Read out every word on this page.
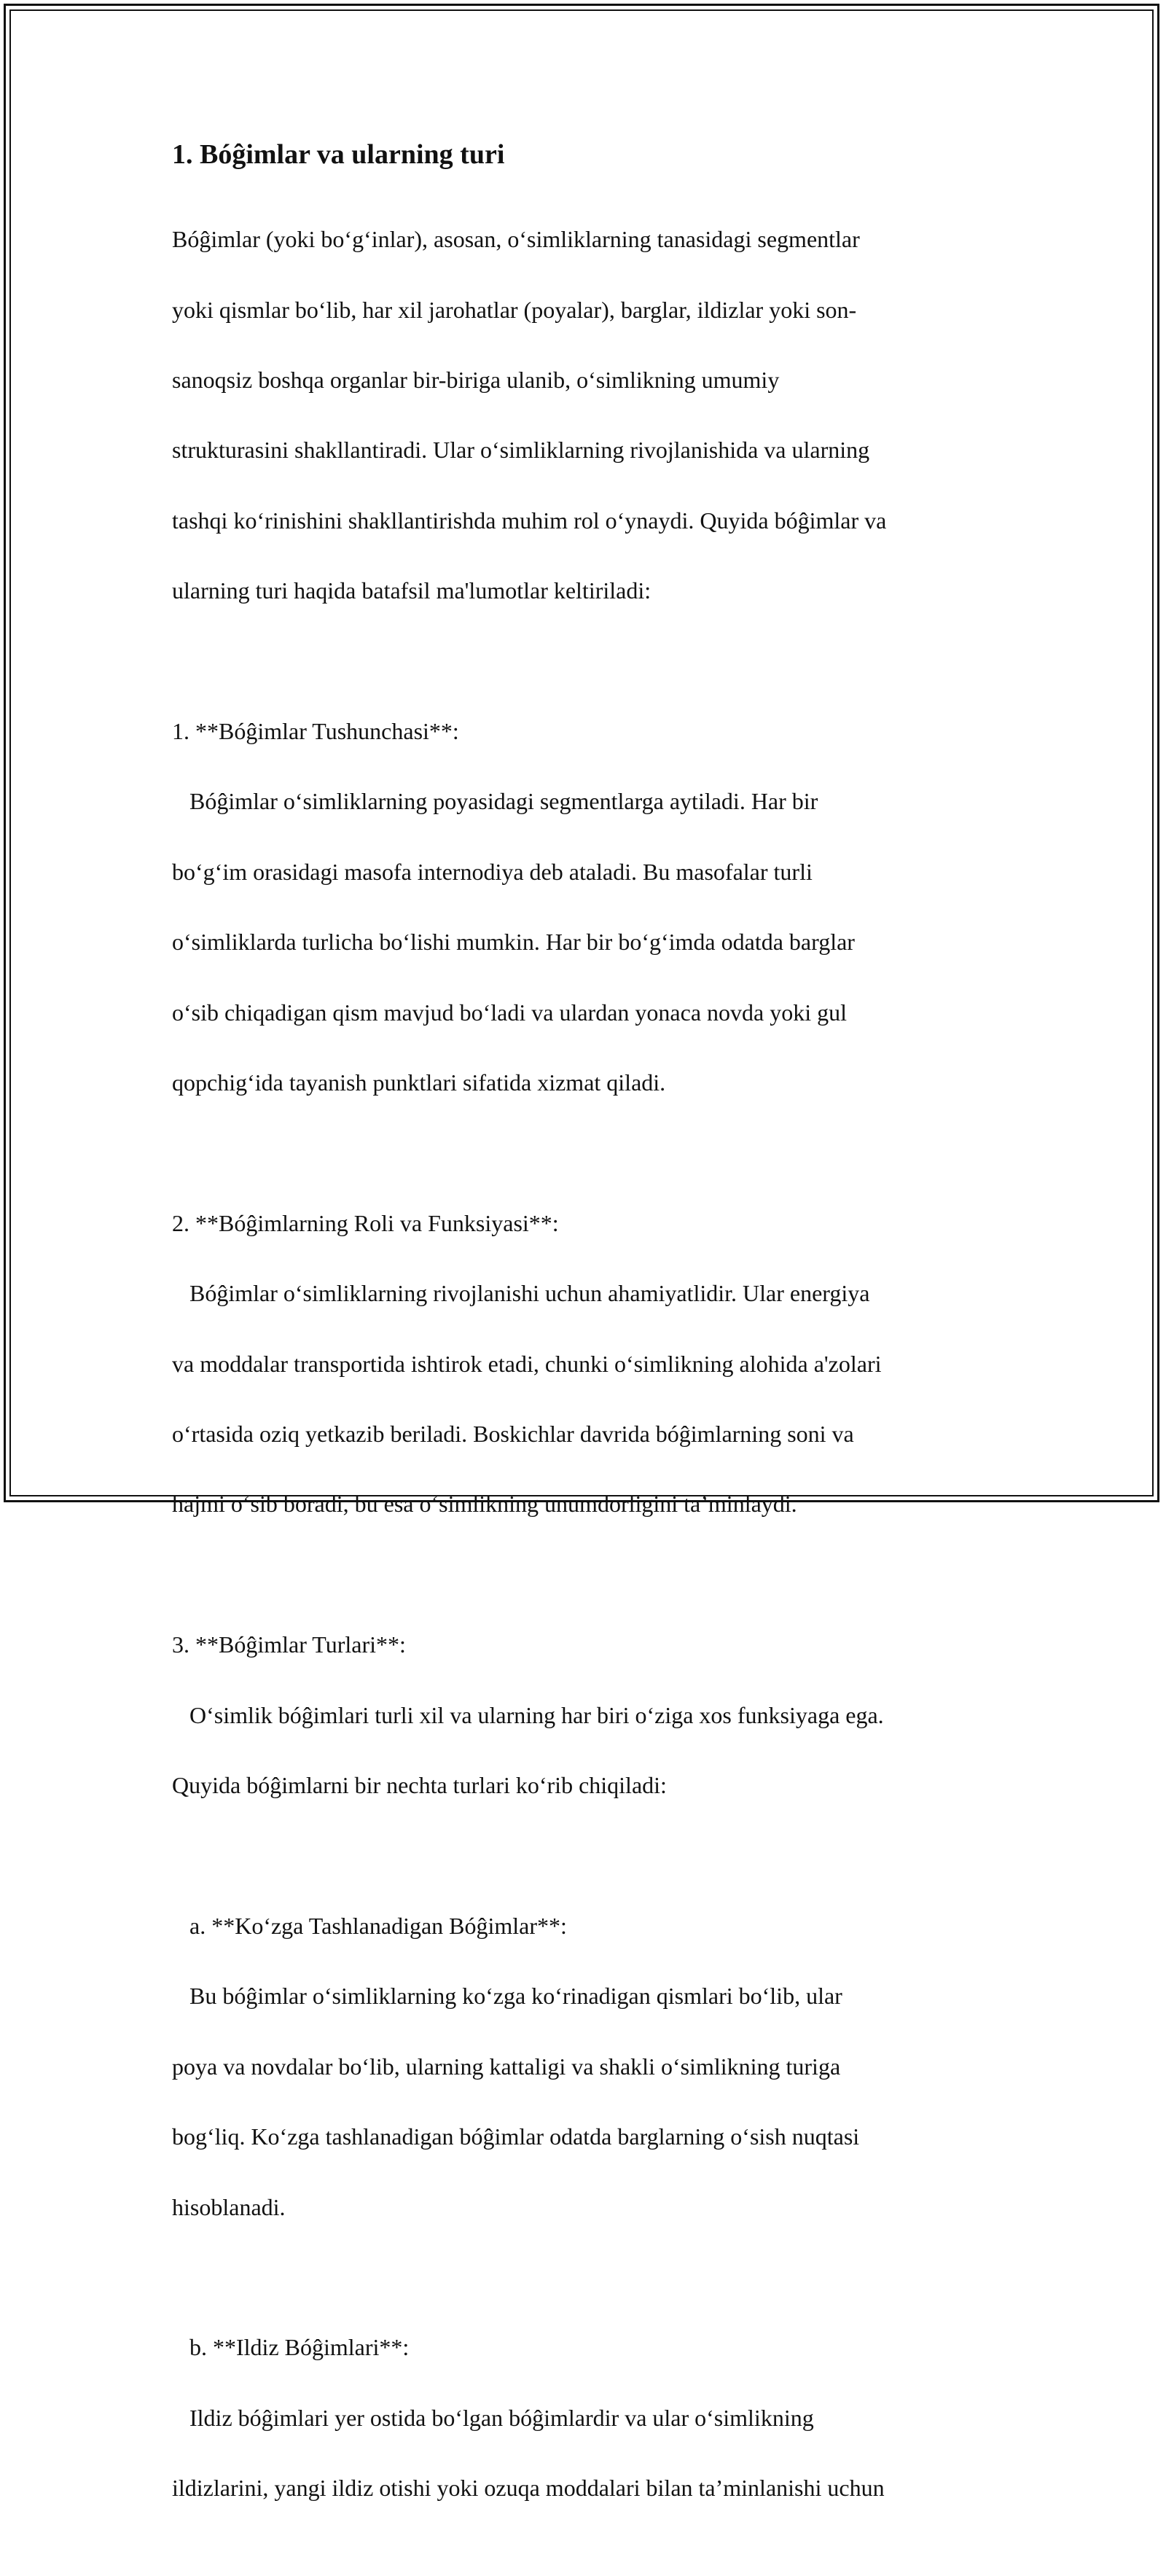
1. Bóĝimlar va ularning turi

Bóĝimlar (yoki bo‘g‘inlar), asosan, o‘simliklarning tanasidagi segmentlar

yoki qismlar bo‘lib, har xil jarohatlar (poyalar), barglar, ildizlar yoki son-

sanoqsiz boshqa organlar bir-biriga ulanib, o‘simlikning umumiy

strukturasini shakllantiradi. Ular o‘simliklarning rivojlanishida va ularning

tashqi ko‘rinishini shakllantirishda muhim rol o‘ynaydi. Quyida bóĝimlar va

ularning turi haqida batafsil ma'lumotlar keltiriladi:

1. **Bóĝimlar Tushunchasi**:

Bóĝimlar o‘simliklarning poyasidagi segmentlarga aytiladi. Har bir

bo‘g‘im orasidagi masofa internodiya deb ataladi. Bu masofalar turli

o‘simliklarda turlicha bo‘lishi mumkin. Har bir bo‘g‘imda odatda barglar

o‘sib chiqadigan qism mavjud bo‘ladi va ulardan yonaca novda yoki gul

qopchig‘ida tayanish punktlari sifatida xizmat qiladi.

2. **Bóĝimlarning Roli va Funksiyasi**:

Bóĝimlar o‘simliklarning rivojlanishi uchun ahamiyatlidir. Ular energiya

va moddalar transportida ishtirok etadi, chunki o‘simlikning alohida a'zolari

o‘rtasida oziq yetkazib beriladi. Boskichlar davrida bóĝimlarning soni va

hajmi o‘sib boradi, bu esa o‘simlikning unumdorligini ta’minlaydi.

3. **Bóĝimlar Turlari**:

O‘simlik bóĝimlari turli xil va ularning har biri o‘ziga xos funksiyaga ega.

Quyida bóĝimlarni bir nechta turlari ko‘rib chiqiladi:

a. **Ko‘zga Tashlanadigan Bóĝimlar**:

Bu bóĝimlar o‘simliklarning ko‘zga ko‘rinadigan qismlari bo‘lib, ular

poya va novdalar bo‘lib, ularning kattaligi va shakli o‘simlikning turiga

bog‘liq. Ko‘zga tashlanadigan bóĝimlar odatda barglarning o‘sish nuqtasi

hisoblanadi.

b. **Ildiz Bóĝimlari**:

Ildiz bóĝimlari yer ostida bo‘lgan bóĝimlardir va ular o‘simlikning

ildizlarini, yangi ildiz otishi yoki ozuqa moddalari bilan ta’minlanishi uchun
